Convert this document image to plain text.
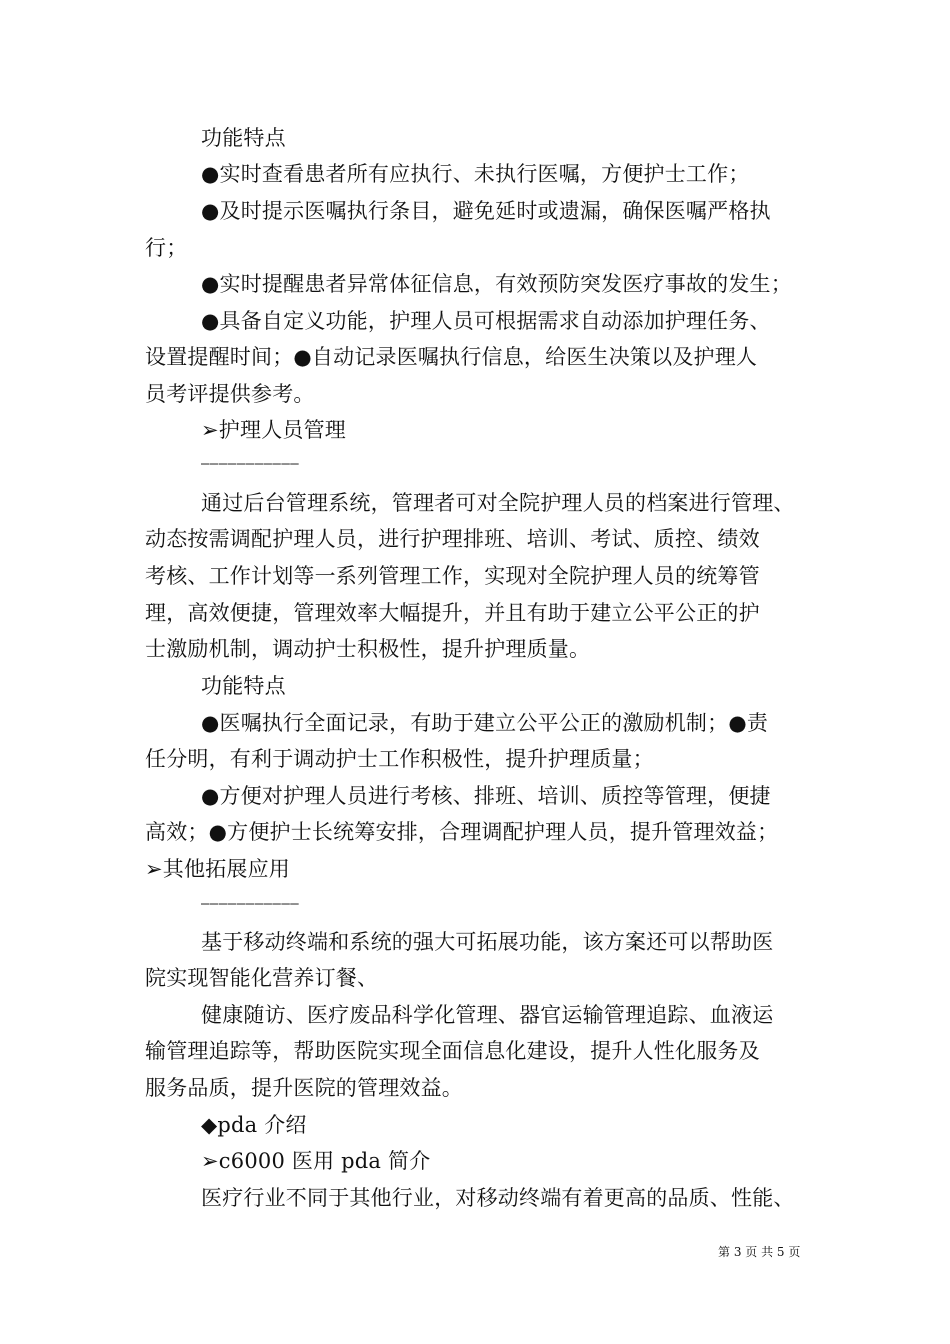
功能特点
●实时查看患者所有应执行、未执行医嘱，方便护士工作；
●及时提示医嘱执行条目，避免延时或遗漏，确保医嘱严格执
行；
●实时提醒患者异常体征信息，有效预防突发医疗事故的发生；
●具备自定义功能，护理人员可根据需求自动添加护理任务、
设置提醒时间；●自动记录医嘱执行信息，给医生决策以及护理人
员考评提供参考。
➢护理人员管理
———————————
通过后台管理系统，管理者可对全院护理人员的档案进行管理、
动态按需调配护理人员，进行护理排班、培训、考试、质控、绩效
考核、工作计划等一系列管理工作，实现对全院护理人员的统筹管
理，高效便捷，管理效率大幅提升，并且有助于建立公平公正的护
士激励机制，调动护士积极性，提升护理质量。
功能特点
●医嘱执行全面记录，有助于建立公平公正的激励机制；●责
任分明，有利于调动护士工作积极性，提升护理质量；
●方便对护理人员进行考核、排班、培训、质控等管理，便捷
高效；●方便护士长统筹安排，合理调配护理人员，提升管理效益；
➢其他拓展应用
———————————
基于移动终端和系统的强大可拓展功能，该方案还可以帮助医
院实现智能化营养订餐、
健康随访、医疗废品科学化管理、器官运输管理追踪、血液运
输管理追踪等，帮助医院实现全面信息化建设，提升人性化服务及
服务品质，提升医院的管理效益。
◆pda 介绍
➢c6000 医用 pda 简介
医疗行业不同于其他行业，对移动终端有着更高的品质、性能、
第 3 页 共 5 页
